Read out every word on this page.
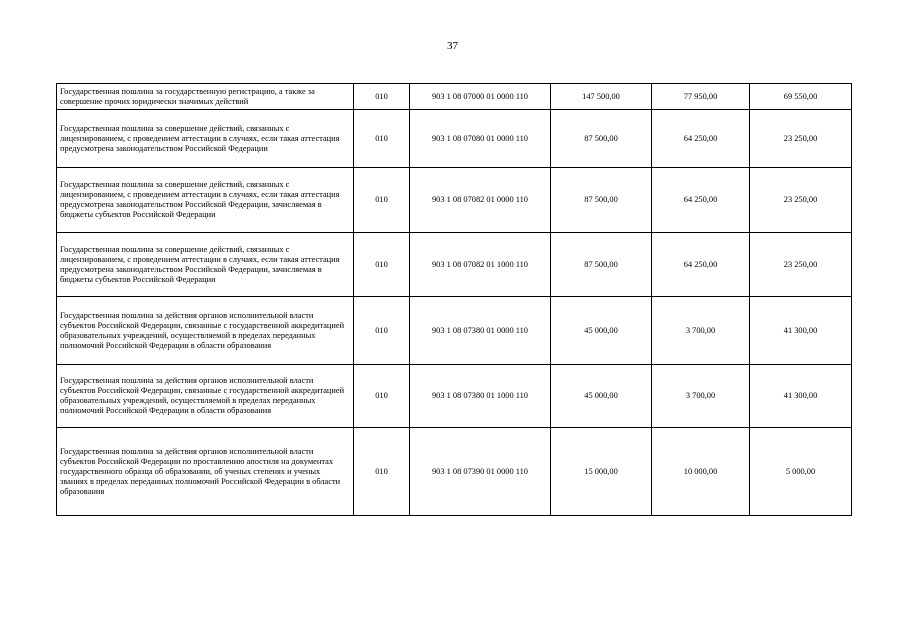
37
Государственная пошлина за государственную регистрацию, а также за совершение прочих юридически значимых действий	010	903 1 08 07000 01 0000 110	147 500,00	77 950,00	69 550,00
Государственная пошлина за совершение действий, связанных с лицензированием, с проведением аттестации в случаях, если такая аттестация предусмотрена законодательством Российской Федерации	010	903 1 08 07080 01 0000 110	87 500,00	64 250,00	23 250,00
Государственная пошлина за совершение действий, связанных с лицензированием, с проведением аттестации в случаях, если такая аттестация предусмотрена законодательством Российской Федерации, зачисляемая в бюджеты субъектов Российской Федерации	010	903 1 08 07082 01 0000 110	87 500,00	64 250,00	23 250,00
Государственная пошлина за совершение действий, связанных с лицензированием, с проведением аттестации в случаях, если такая аттестация предусмотрена законодательством Российской Федерации, зачисляемая в бюджеты субъектов Российской Федерации	010	903 1 08 07082 01 1000 110	87 500,00	64 250,00	23 250,00
Государственная пошлина за действия органов исполнительной власти субъектов Российской Федерации, связанные с государственной аккредитацией образовательных учреждений, осуществляемой в пределах переданных полномочий Российской Федерации в области образования	010	903 1 08 07380 01 0000 110	45 000,00	3 700,00	41 300,00
Государственная пошлина за действия органов исполнительной власти субъектов Российской Федерации, связанные с государственной аккредитацией образовательных учреждений, осуществляемой в пределах переданных полномочий Российской Федерации в области образования	010	903 1 08 07380 01 1000 110	45 000,00	3 700,00	41 300,00
Государственная пошлина за действия органов исполнительной власти субъектов Российской Федерации по проставлению апостиля на документах государственного образца об образовании, об ученых степенях и ученых званиях в пределах переданных полномочий Российской Федерации в области образования	010	903 1 08 07390 01 0000 110	15 000,00	10 000,00	5 000,00
